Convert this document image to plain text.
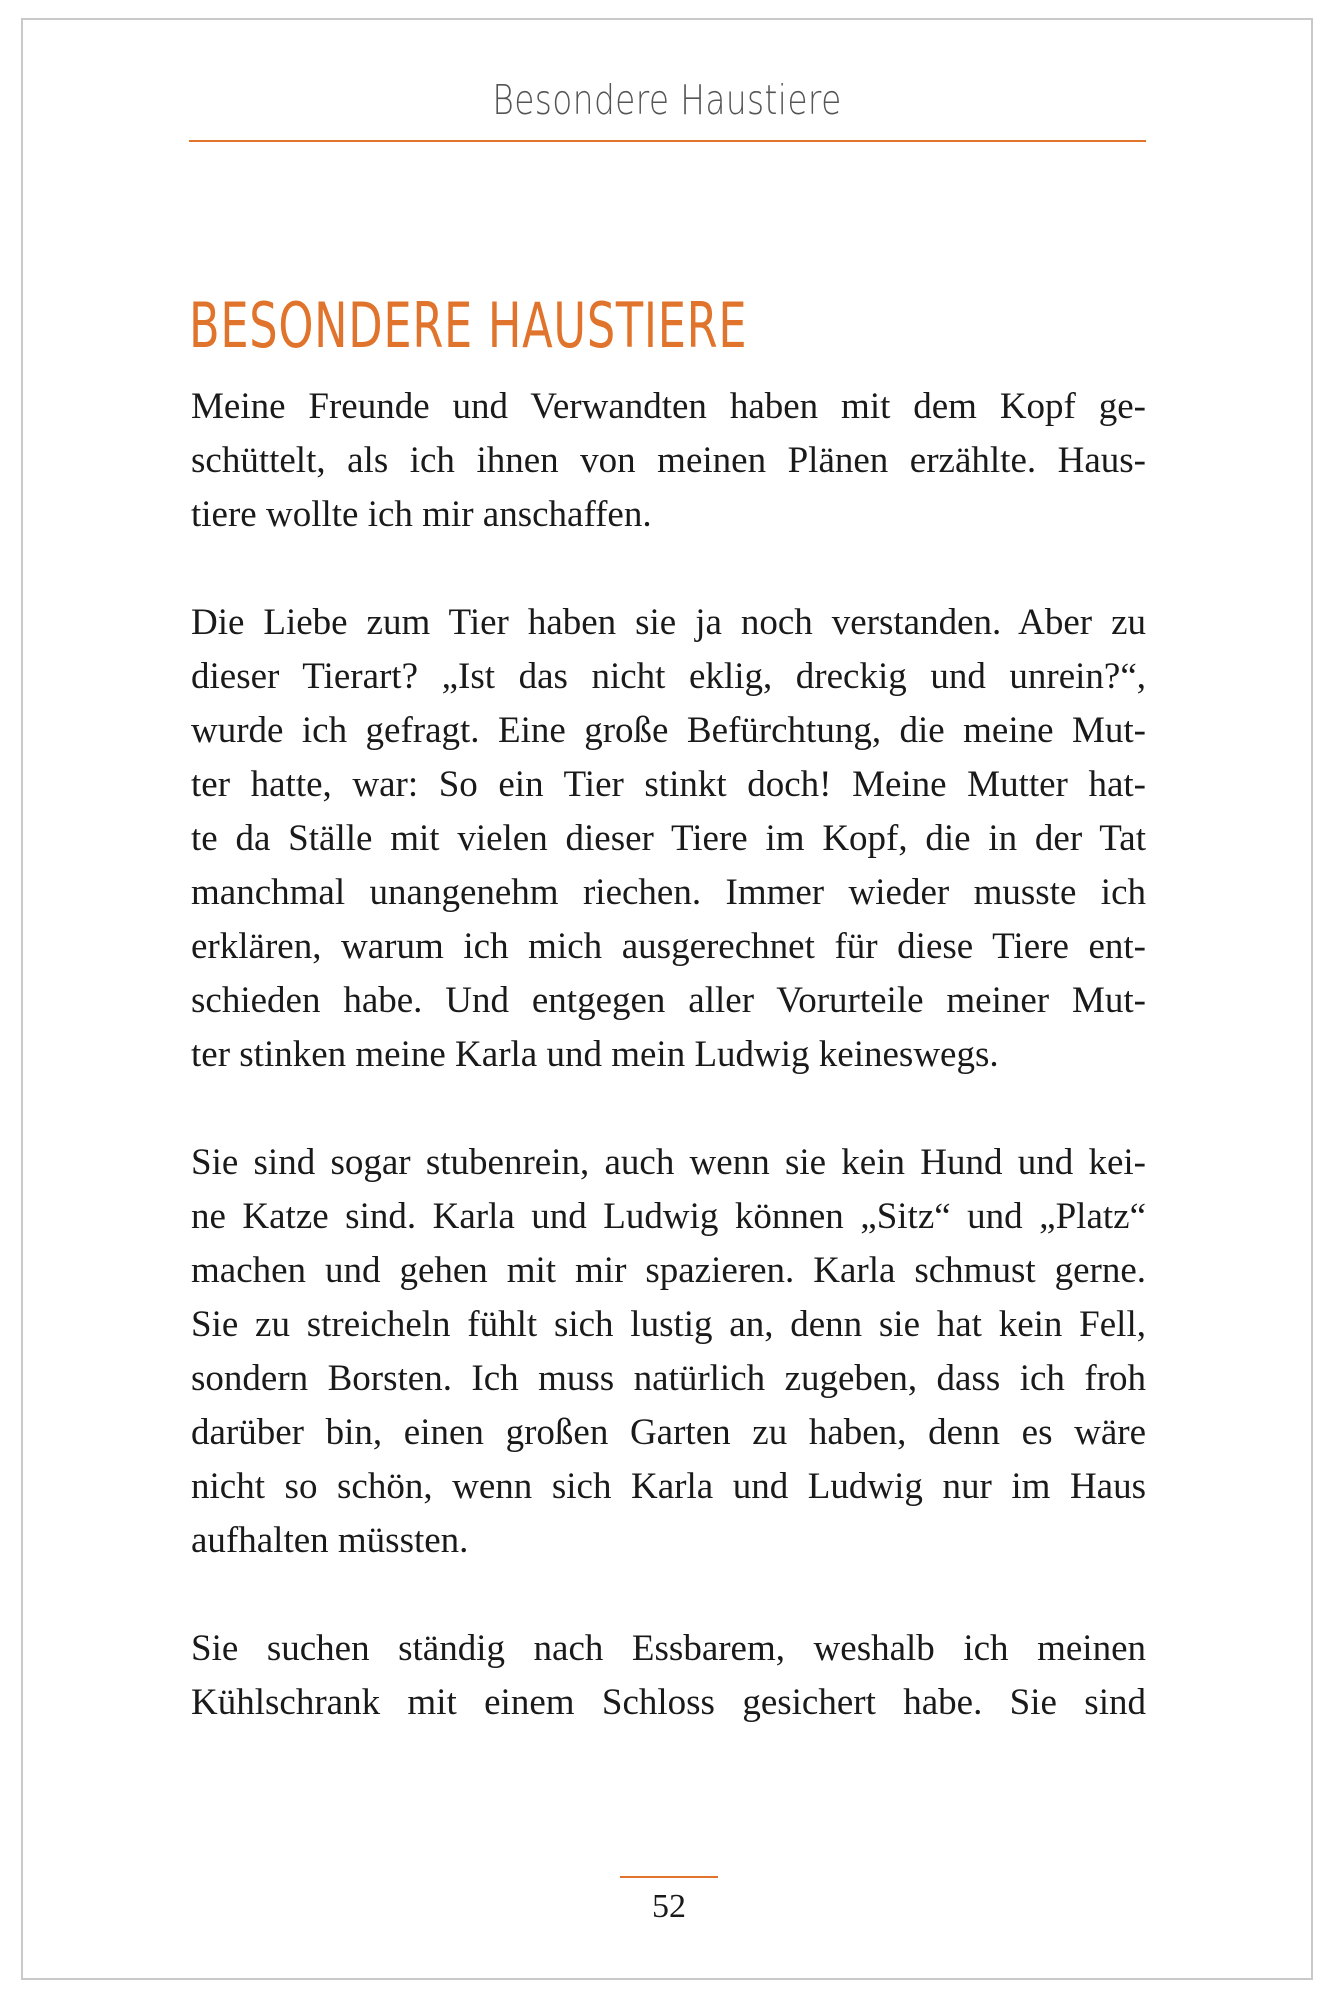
Besondere Haustiere
BESONDERE HAUSTIERE
Meine Freunde und Verwandten haben mit dem Kopf ge-
schüttelt, als ich ihnen von meinen Plänen erzählte. Haus-
tiere wollte ich mir anschaffen.
Die Liebe zum Tier haben sie ja noch verstanden. Aber zu
dieser Tierart? „Ist das nicht eklig, dreckig und unrein?“,
wurde ich gefragt. Eine große Befürchtung, die meine Mut-
ter hatte, war: So ein Tier stinkt doch! Meine Mutter hat-
te da Ställe mit vielen dieser Tiere im Kopf, die in der Tat
manchmal unangenehm riechen. Immer wieder musste ich
erklären, warum ich mich ausgerechnet für diese Tiere ent-
schieden habe. Und entgegen aller Vorurteile meiner Mut-
ter stinken meine Karla und mein Ludwig keineswegs.
Sie sind sogar stubenrein, auch wenn sie kein Hund und kei-
ne Katze sind. Karla und Ludwig können „Sitz“ und „Platz“
machen und gehen mit mir spazieren. Karla schmust gerne.
Sie zu streicheln fühlt sich lustig an, denn sie hat kein Fell,
sondern Borsten. Ich muss natürlich zugeben, dass ich froh
darüber bin, einen großen Garten zu haben, denn es wäre
nicht so schön, wenn sich Karla und Ludwig nur im Haus
aufhalten müssten.
Sie suchen ständig nach Essbarem, weshalb ich meinen
Kühlschrank mit einem Schloss gesichert habe. Sie sind
52
